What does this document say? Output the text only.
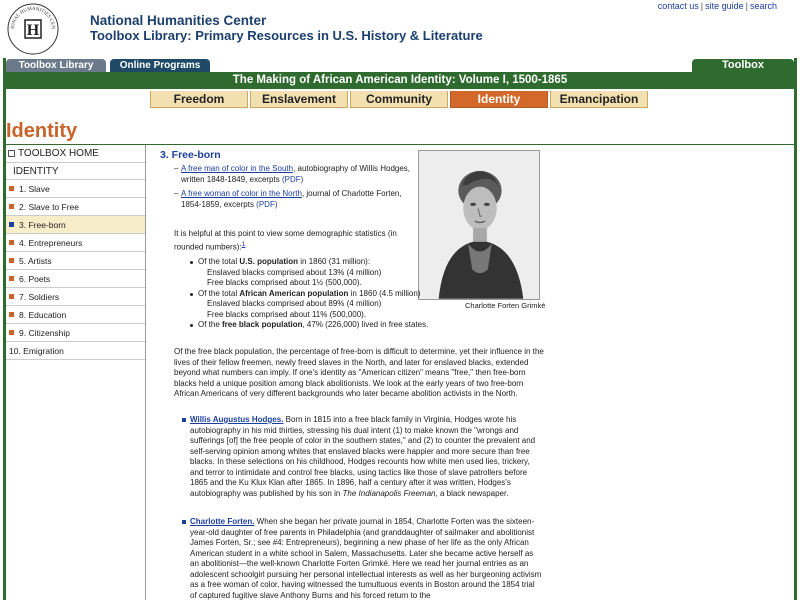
H
IONAL HUMANITIES CEN	National Humanities Center
Toolbox Library: Primary Resources in U.S. History & Literature
contact us | site guide | search
Toolbox Library	Online Programs	Toolbox
The Making of African American Identity: Volume I, 1500-1865
Freedom	Enslavement	Community	Identity	Emancipation
Identity
TOOLBOX HOME
IDENTITY
1. Slave
2. Slave to Free
3. Free-born
4. Entrepreneurs
5. Artists
6. Poets
7. Soldiers
8. Education
9. Citizenship
10. Emigration
3. Free-born
– A free man of color in the South, autobiography of Willis Hodges, written 1848-1849, excerpts (PDF)
– A free woman of color in the North, journal of Charlotte Forten, 1854-1859, excerpts (PDF)
Charlotte Forten Grimké
It is helpful at this point to view some demographic statistics (in rounded numbers):$^1$
Of the total U.S. population in 1860 (31 million):
Enslaved blacks comprised about 13% (4 million)
Free blacks comprised about 1½ (500,000).
Of the total African American population in 1860 (4.5 million)
Enslaved blacks comprised about 89% (4 million)
Free blacks comprised about 11% (500,000).
Of the free black population, 47% (226,000) lived in free states.
Of the free black population, the percentage of free-born is difficult to determine, yet their influence in the lives of their fellow freemen, newly freed slaves in the North, and later for enslaved blacks, extended beyond what numbers can imply. If one's identity as "American citizen" means "free," then free-born blacks held a unique position among black abolitionists. We look at the early years of two free-born African Americans of very different backgrounds who later became abolition activists in the North.
Willis Augustus Hodges. Born in 1815 into a free black family in Virginia, Hodges wrote his autobiography in his mid thirties, stressing his dual intent (1) to make known the "wrongs and sufferings [of] the free people of color in the southern states," and (2) to counter the prevalent and self-serving opinion among whites that enslaved blacks were happier and more secure than free blacks. In these selections on his childhood, Hodges recounts how white men used lies, trickery, and terror to intimidate and control free blacks, using tactics like those of slave patrollers before 1865 and the Ku Klux Klan after 1865. In 1896, half a century after it was written, Hodges's autobiography was published by his son in The Indianapolis Freeman, a black newspaper.
Charlotte Forten. When she began her private journal in 1854, Charlotte Forten was the sixteen-year-old daughter of free parents in Philadelphia (and granddaughter of sailmaker and abolitionist James Forten, Sr.; see #4: Entrepreneurs), beginning a new phase of her life as the only African American student in a white school in Salem, Massachusetts. Later she became active herself as an abolitionist—the well-known Charlotte Forten Grimké. Here we read her journal entries as an adolescent schoolgirl pursuing her personal intellectual interests as well as her burgeoning activism as a free woman of color, having witnessed the tumultuous events in Boston around the 1854 trial of captured fugitive slave Anthony Burns and his forced return to the
